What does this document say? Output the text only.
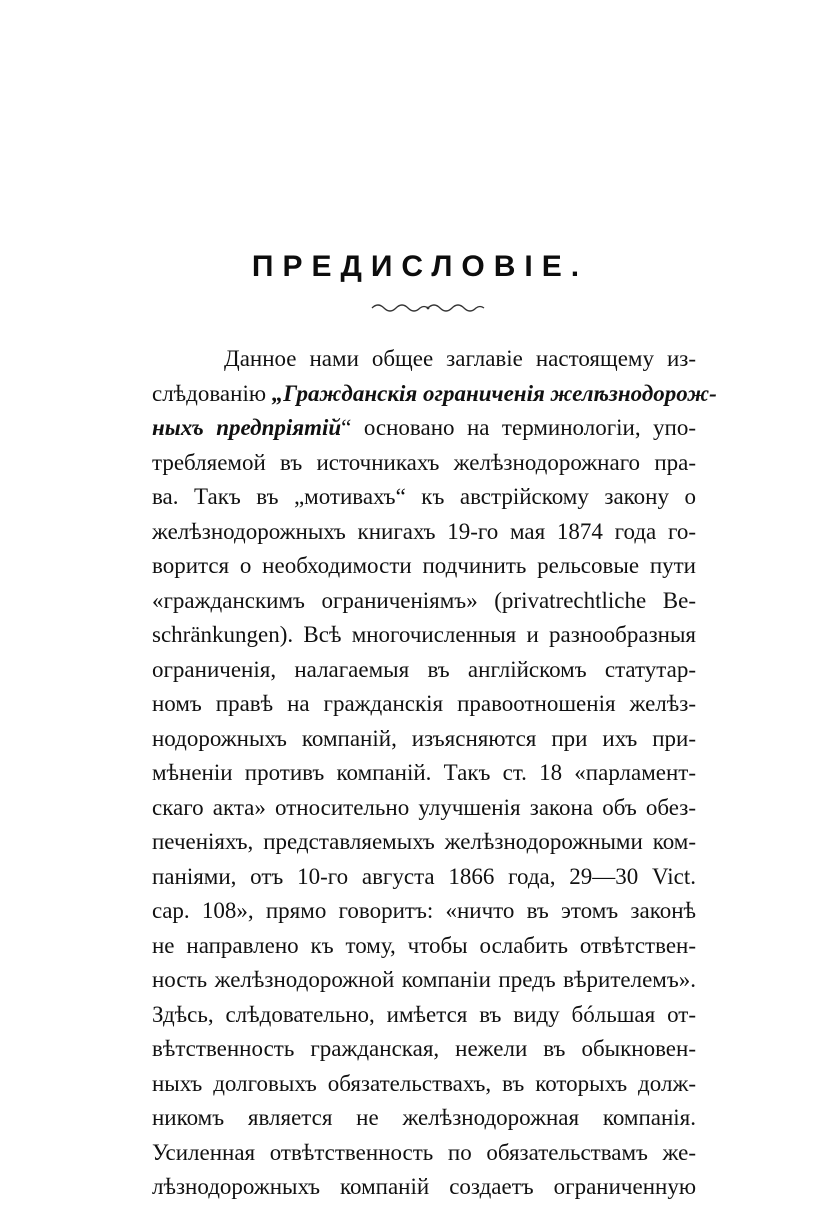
ПРЕДИСЛОВІЕ.
Данное нами общее заглавіе настоящему из-
слѣдованію „Гражданскія ограниченія желѣзнодорож-
ныхъ предпріятій“ основано на терминологіи, упо-
требляемой въ источникахъ желѣзнодорожнаго пра-
ва. Такъ въ „мотивахъ“ къ австрійскому закону о
желѣзнодорожныхъ книгахъ 19-го мая 1874 года го-
ворится о необходимости подчинить рельсовые пути
«гражданскимъ ограниченіямъ» (privatrechtliche Be-
schränkungen). Всѣ многочисленныя и разнообразныя
ограниченія, налагаемыя въ англійскомъ статутар-
номъ правѣ на гражданскія правоотношенія желѣз-
нодорожныхъ компаній, изъясняются при ихъ при-
мѣненіи противъ компаній. Такъ ст. 18 «парламент-
скаго акта» относительно улучшенія закона объ обез-
печеніяхъ, представляемыхъ желѣзнодорожными ком-
паніями, отъ 10-го августа 1866 года, 29—30 Vict.
cap. 108», прямо говоритъ: «ничто въ этомъ законѣ
не направлено къ тому, чтобы ослабить отвѣтствен-
ность желѣзнодорожной компаніи предъ вѣрителемъ».
Здѣсь, слѣдовательно, имѣется въ виду бóльшая от-
вѣтственность гражданская, нежели въ обыкновен-
ныхъ долговыхъ обязательствахъ, въ которыхъ долж-
никомъ является не желѣзнодорожная компанія.
Усиленная отвѣтственность по обязательствамъ же-
лѣзнодорожныхъ компаній создаетъ ограниченную
